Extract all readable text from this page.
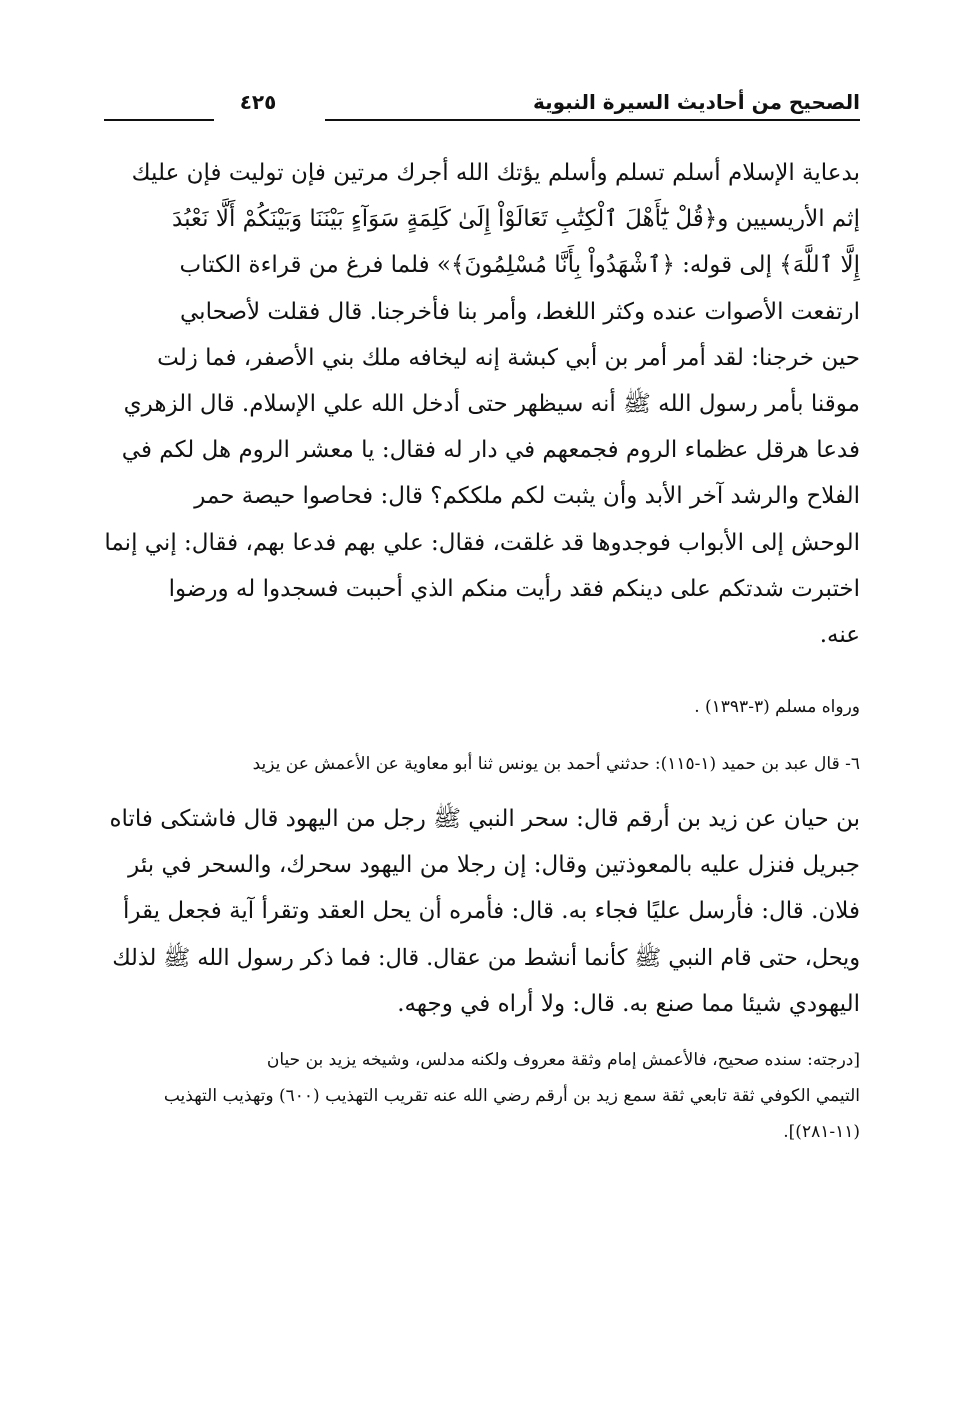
الصحيح من أحاديث السيرة النبوية
٤٢٥
بدعاية الإسلام أسلم تسلم وأسلم يؤتك الله أجرك مرتين فإن توليت فإن عليك
إثم الأريسيين و﴿قُلْ يَٰٓأَهْلَ ٱلْكِتَٰبِ تَعَالَوْاْ إِلَىٰ كَلِمَةٍ سَوَآءٍ بَيْنَنَا وَبَيْنَكُمْ أَلَّا نَعْبُدَ
إِلَّا ٱللَّهَ﴾ إلى قوله: ﴿ٱشْهَدُواْ بِأَنَّا مُسْلِمُونَ﴾» فلما فرغ من قراءة الكتاب
ارتفعت الأصوات عنده وكثر اللغط، وأمر بنا فأخرجنا. قال فقلت لأصحابي
حين خرجنا: لقد أمر أمر بن أبي كبشة إنه ليخافه ملك بني الأصفر، فما زلت
موقنا بأمر رسول الله ﷺ أنه سيظهر حتى أدخل الله علي الإسلام. قال الزهري
فدعا هرقل عظماء الروم فجمعهم في دار له فقال: يا معشر الروم هل لكم في
الفلاح والرشد آخر الأبد وأن يثبت لكم ملككم؟ قال: فحاصوا حيصة حمر
الوحش إلى الأبواب فوجدوها قد غلقت، فقال: علي بهم فدعا بهم، فقال: إني إنما
اختبرت شدتكم على دينكم فقد رأيت منكم الذي أحببت فسجدوا له ورضوا
عنه.
ورواه مسلم (٣-١٣٩٣) .
٦- قال عبد بن حميد (١-١١٥): حدثني أحمد بن يونس ثنا أبو معاوية عن الأعمش عن يزيد
بن حيان عن زيد بن أرقم قال: سحر النبي ﷺ رجل من اليهود قال فاشتكى فاتاه
جبريل فنزل عليه بالمعوذتين وقال: إن رجلا من اليهود سحرك، والسحر في بئر
فلان. قال: فأرسل عليًا فجاء به. قال: فأمره أن يحل العقد وتقرأ آية فجعل يقرأ
ويحل، حتى قام النبي ﷺ كأنما أنشط من عقال. قال: فما ذكر رسول الله ﷺ لذلك
اليهودي شيئا مما صنع به. قال: ولا أراه في وجهه.
[درجته: سنده صحيح، فالأعمش إمام وثقة معروف ولكنه مدلس، وشيخه يزيد بن حيان
التيمي الكوفي ثقة تابعي ثقة سمع زيد بن أرقم رضي الله عنه تقريب التهذيب (٦٠٠) وتهذيب التهذيب
(١١-٢٨١)].
